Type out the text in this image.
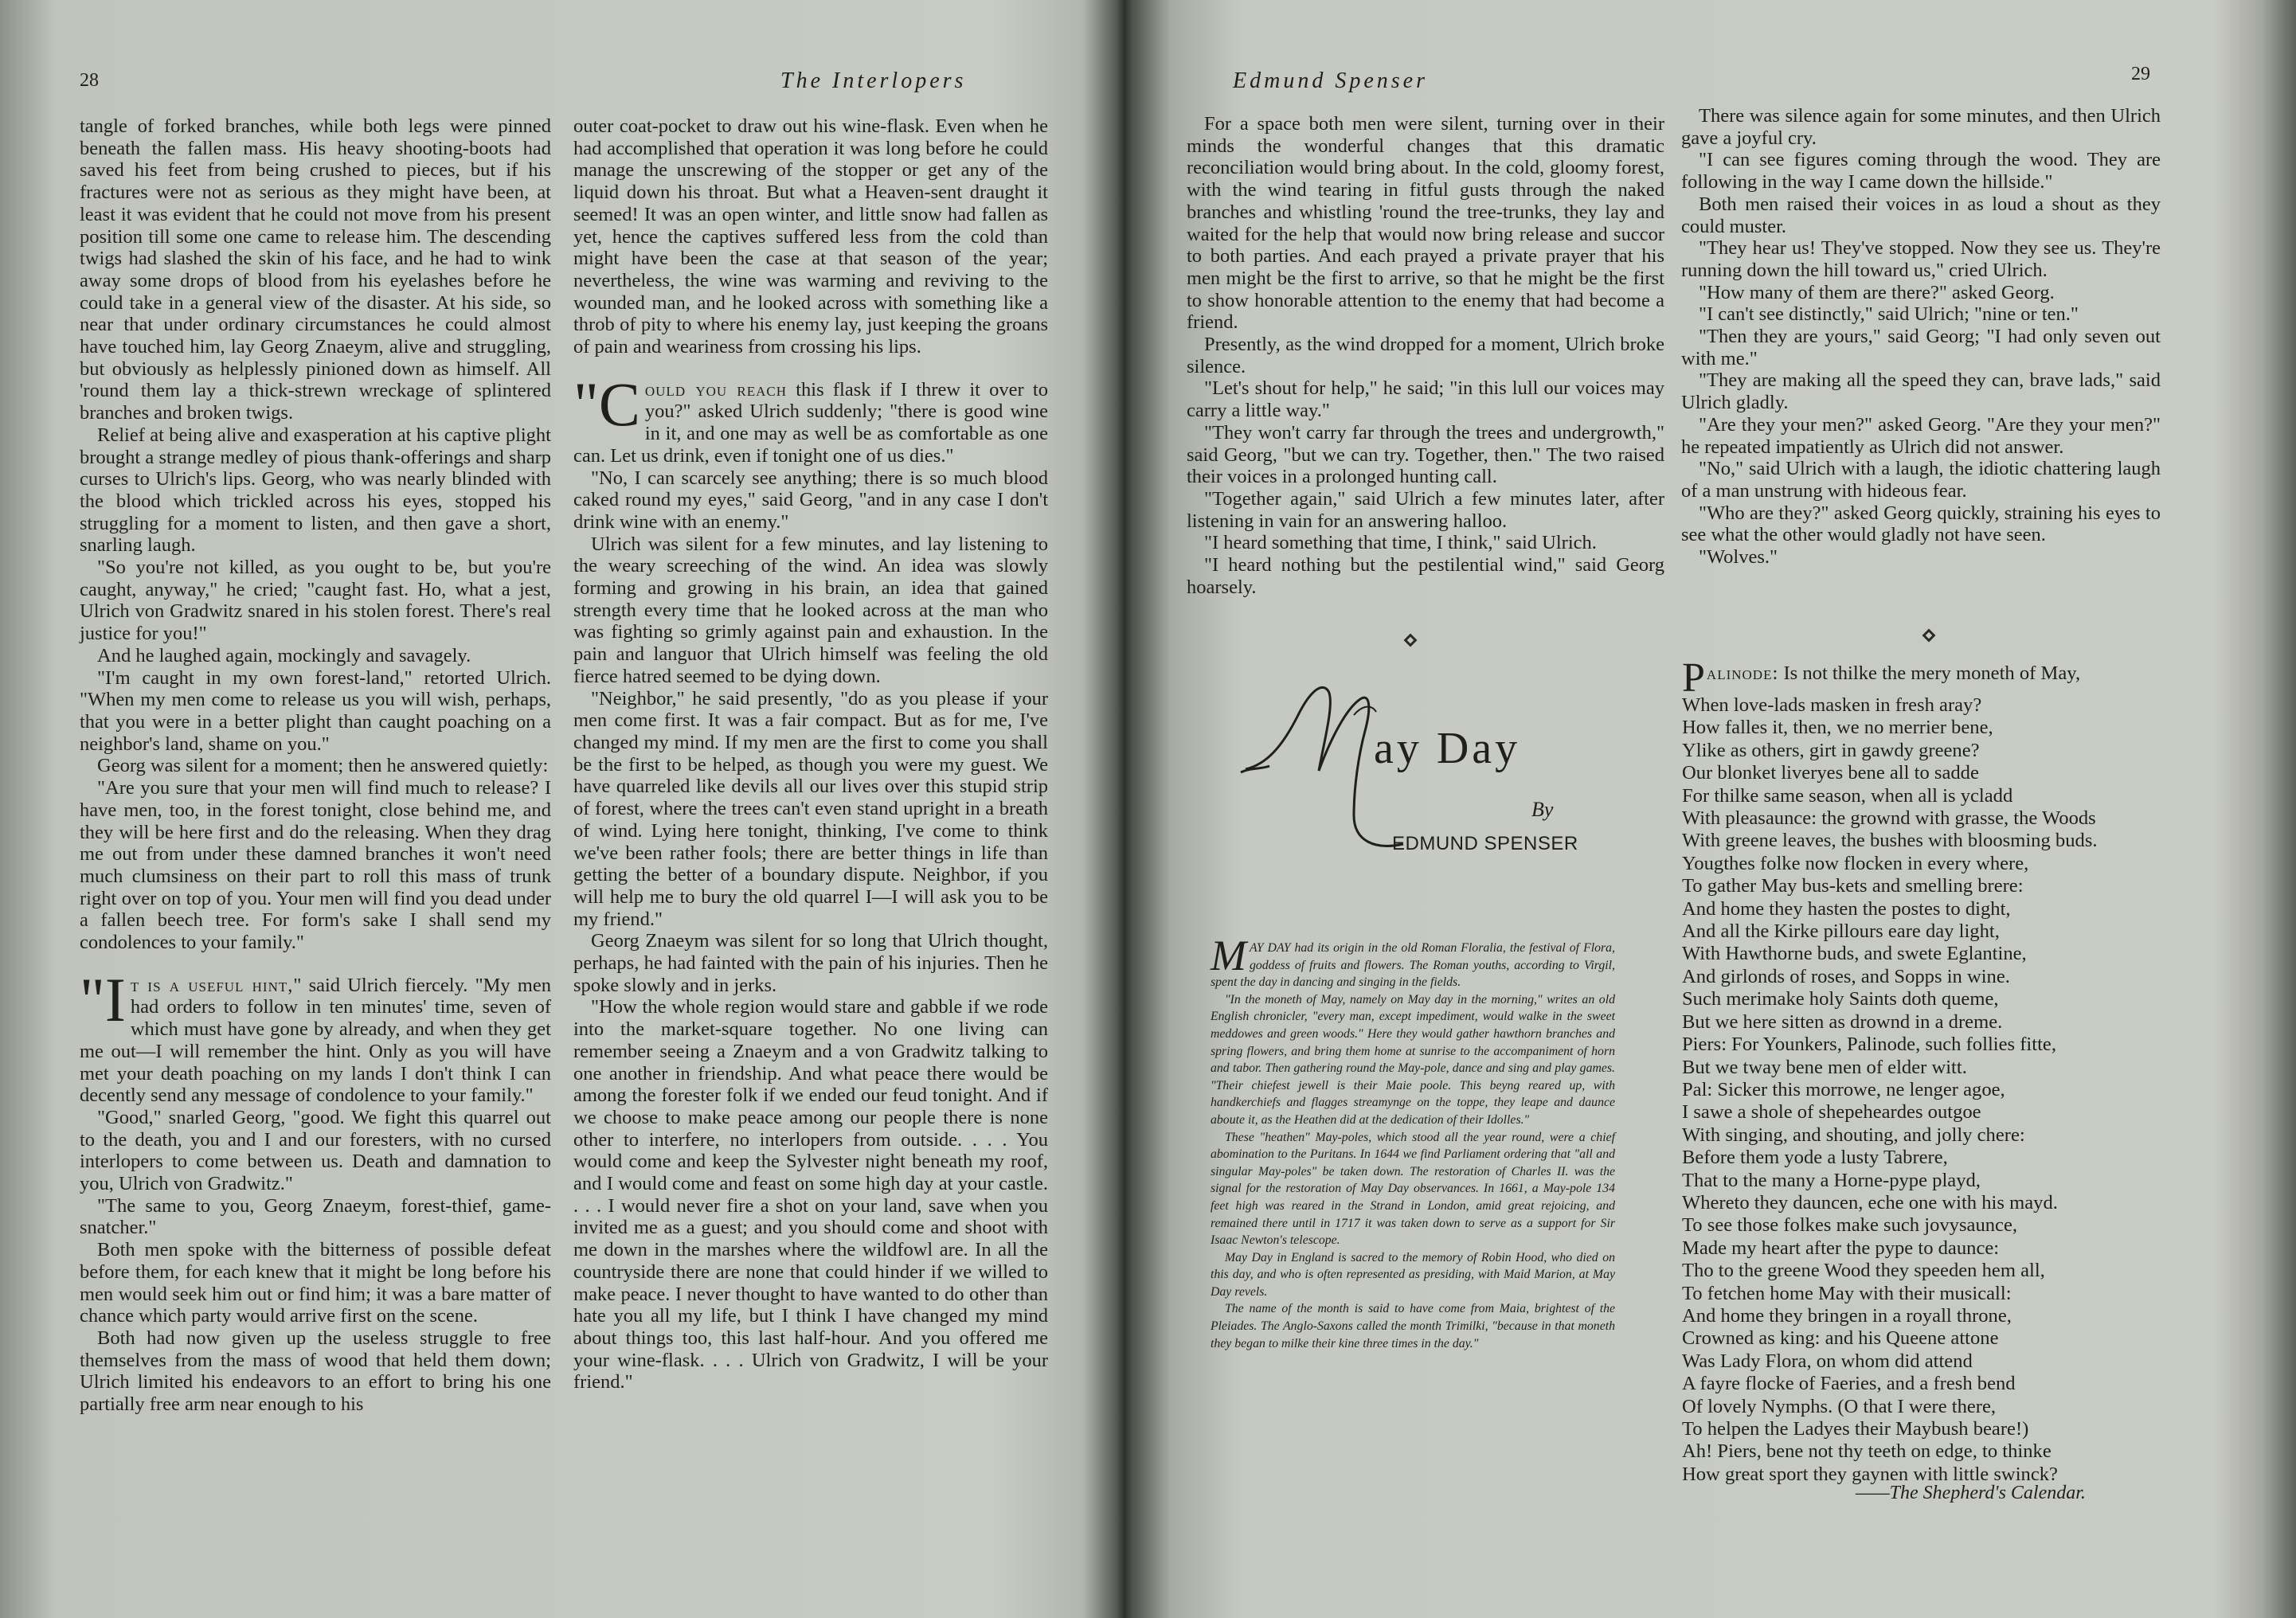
28	The Interlopers

tangle of forked branches, while both legs were pinned beneath the fallen mass. His heavy shooting-boots had saved his feet from being crushed to pieces, but if his fractures were not as serious as they might have been, at least it was evident that he could not move from his present position till some one came to release him. The descending twigs had slashed the skin of his face, and he had to wink away some drops of blood from his eyelashes before he could take in a general view of the disaster. At his side, so near that under ordinary circumstances he could almost have touched him, lay Georg Znaeym, alive and struggling, but obviously as helplessly pinioned down as himself. All 'round them lay a thick-strewn wreckage of splintered branches and broken twigs.

Relief at being alive and exasperation at his captive plight brought a strange medley of pious thank-offerings and sharp curses to Ulrich's lips. Georg, who was nearly blinded with the blood which trickled across his eyes, stopped his struggling for a moment to listen, and then gave a short, snarling laugh.

"So you're not killed, as you ought to be, but you're caught, anyway," he cried; "caught fast. Ho, what a jest, Ulrich von Gradwitz snared in his stolen forest. There's real justice for you!"

And he laughed again, mockingly and savagely.

"I'm caught in my own forest-land," retorted Ulrich. "When my men come to release us you will wish, perhaps, that you were in a better plight than caught poaching on a neighbor's land, shame on you."

Georg was silent for a moment; then he answered quietly:

"Are you sure that your men will find much to release? I have men, too, in the forest tonight, close behind me, and they will be here first and do the releasing. When they drag me out from under these damned branches it won't need much clumsiness on their part to roll this mass of trunk right over on top of you. Your men will find you dead under a fallen beech tree. For form's sake I shall send my condolences to your family."

"It is a useful hint," said Ulrich fiercely. "My men had orders to follow in ten minutes' time, seven of which must have gone by already, and when they get me out—I will remember the hint. Only as you will have met your death poaching on my lands I don't think I can decently send any message of condolence to your family."

"Good," snarled Georg, "good. We fight this quarrel out to the death, you and I and our foresters, with no cursed interlopers to come between us. Death and damnation to you, Ulrich von Gradwitz."

"The same to you, Georg Znaeym, forest-thief, game-snatcher."

Both men spoke with the bitterness of possible defeat before them, for each knew that it might be long before his men would seek him out or find him; it was a bare matter of chance which party would arrive first on the scene.

Both had now given up the useless struggle to free themselves from the mass of wood that held them down; Ulrich limited his endeavors to an effort to bring his one partially free arm near enough to his

outer coat-pocket to draw out his wine-flask. Even when he had accomplished that operation it was long before he could manage the unscrewing of the stopper or get any of the liquid down his throat. But what a Heaven-sent draught it seemed! It was an open winter, and little snow had fallen as yet, hence the captives suffered less from the cold than might have been the case at that season of the year; nevertheless, the wine was warming and reviving to the wounded man, and he looked across with something like a throb of pity to where his enemy lay, just keeping the groans of pain and weariness from crossing his lips.

"Could you reach this flask if I threw it over to you?" asked Ulrich suddenly; "there is good wine in it, and one may as well be as comfortable as one can. Let us drink, even if tonight one of us dies."

"No, I can scarcely see anything; there is so much blood caked round my eyes," said Georg, "and in any case I don't drink wine with an enemy."

Ulrich was silent for a few minutes, and lay listening to the weary screeching of the wind. An idea was slowly forming and growing in his brain, an idea that gained strength every time that he looked across at the man who was fighting so grimly against pain and exhaustion. In the pain and languor that Ulrich himself was feeling the old fierce hatred seemed to be dying down.

"Neighbor," he said presently, "do as you please if your men come first. It was a fair compact. But as for me, I've changed my mind. If my men are the first to come you shall be the first to be helped, as though you were my guest. We have quarreled like devils all our lives over this stupid strip of forest, where the trees can't even stand upright in a breath of wind. Lying here tonight, thinking, I've come to think we've been rather fools; there are better things in life than getting the better of a boundary dispute. Neighbor, if you will help me to bury the old quarrel I—I will ask you to be my friend."

Georg Znaeym was silent for so long that Ulrich thought, perhaps, he had fainted with the pain of his injuries. Then he spoke slowly and in jerks.

"How the whole region would stare and gabble if we rode into the market-square together. No one living can remember seeing a Znaeym and a von Gradwitz talking to one another in friendship. And what peace there would be among the forester folk if we ended our feud tonight. And if we choose to make peace among our people there is none other to interfere, no interlopers from outside. . . . You would come and keep the Sylvester night beneath my roof, and I would come and feast on some high day at your castle. . . . I would never fire a shot on your land, save when you invited me as a guest; and you should come and shoot with me down in the marshes where the wildfowl are. In all the countryside there are none that could hinder if we willed to make peace. I never thought to have wanted to do other than hate you all my life, but I think I have changed my mind about things too, this last half-hour. And you offered me your wine-flask. . . . Ulrich von Gradwitz, I will be your friend."

Edmund Spenser	29

For a space both men were silent, turning over in their minds the wonderful changes that this dramatic reconciliation would bring about. In the cold, gloomy forest, with the wind tearing in fitful gusts through the naked branches and whistling 'round the tree-trunks, they lay and waited for the help that would now bring release and succor to both parties. And each prayed a private prayer that his men might be the first to arrive, so that he might be the first to show honorable attention to the enemy that had become a friend.

Presently, as the wind dropped for a moment, Ulrich broke silence.

"Let's shout for help," he said; "in this lull our voices may carry a little way."

"They won't carry far through the trees and undergrowth," said Georg, "but we can try. Together, then." The two raised their voices in a prolonged hunting call.

"Together again," said Ulrich a few minutes later, after listening in vain for an answering halloo.

"I heard something that time, I think," said Ulrich.

"I heard nothing but the pestilential wind," said Georg hoarsely.

There was silence again for some minutes, and then Ulrich gave a joyful cry.

"I can see figures coming through the wood. They are following in the way I came down the hillside."

Both men raised their voices in as loud a shout as they could muster.

"They hear us! They've stopped. Now they see us. They're running down the hill toward us," cried Ulrich.

"How many of them are there?" asked Georg.

"I can't see distinctly," said Ulrich; "nine or ten."

"Then they are yours," said Georg; "I had only seven out with me."

"They are making all the speed they can, brave lads," said Ulrich gladly.

"Are they your men?" asked Georg. "Are they your men?" he repeated impatiently as Ulrich did not answer.

"No," said Ulrich with a laugh, the idiotic chattering laugh of a man unstrung with hideous fear.

"Who are they?" asked Georg quickly, straining his eyes to see what the other would gladly not have seen.

"Wolves."

ay Day
By
EDMUND SPENSER

MAY DAY had its origin in the old Roman Floralia, the festival of Flora, goddess of fruits and flowers. The Roman youths, according to Virgil, spent the day in dancing and singing in the fields.

"In the moneth of May, namely on May day in the morning," writes an old English chronicler, "every man, except impediment, would walke in the sweet meddowes and green woods." Here they would gather hawthorn branches and spring flowers, and bring them home at sunrise to the accompaniment of horn and tabor. Then gathering round the May-pole, dance and sing and play games. "Their chiefest jewell is their Maie poole. This beyng reared up, with handkerchiefs and flagges streamynge on the toppe, they leape and daunce aboute it, as the Heathen did at the dedication of their Idolles."

These "heathen" May-poles, which stood all the year round, were a chief abomination to the Puritans. In 1644 we find Parliament ordering that "all and singular May-poles" be taken down. The restoration of Charles II. was the signal for the restoration of May Day observances. In 1661, a May-pole 134 feet high was reared in the Strand in London, amid great rejoicing, and remained there until in 1717 it was taken down to serve as a support for Sir Isaac Newton's telescope.

May Day in England is sacred to the memory of Robin Hood, who died on this day, and who is often represented as presiding, with Maid Marion, at May Day revels.

The name of the month is said to have come from Maia, brightest of the Pleiades. The Anglo-Saxons called the month Trimilki, "because in that moneth they began to milke their kine three times in the day."

Palinode: Is not thilke the mery moneth of May,
When love-lads masken in fresh aray?
How falles it, then, we no merrier bene,
Ylike as others, girt in gawdy greene?
Our blonket liveryes bene all to sadde
For thilke same season, when all is ycladd
With pleasaunce: the grownd with grasse, the Woods
With greene leaves, the bushes with bloosming buds.
Yougthes folke now flocken in every where,
To gather May bus-kets and smelling brere:
And home they hasten the postes to dight,
And all the Kirke pillours eare day light,
With Hawthorne buds, and swete Eglantine,
And girlonds of roses, and Sopps in wine.
Such merimake holy Saints doth queme,
But we here sitten as drownd in a dreme.
Piers: For Younkers, Palinode, such follies fitte,
But we tway bene men of elder witt.
Pal: Sicker this morrowe, ne lenger agoe,
I sawe a shole of shepeheardes outgoe
With singing, and shouting, and jolly chere:
Before them yode a lusty Tabrere,
That to the many a Horne-pype playd,
Whereto they dauncen, eche one with his mayd.
To see those folkes make such jovysaunce,
Made my heart after the pype to daunce:
Tho to the greene Wood they speeden hem all,
To fetchen home May with their musicall:
And home they bringen in a royall throne,
Crowned as king: and his Queene attone
Was Lady Flora, on whom did attend
A fayre flocke of Faeries, and a fresh bend
Of lovely Nymphs. (O that I were there,
To helpen the Ladyes their Maybush beare!)
Ah! Piers, bene not thy teeth on edge, to thinke
How great sport they gaynen with little swinck?
——The Shepherd's Calendar.
